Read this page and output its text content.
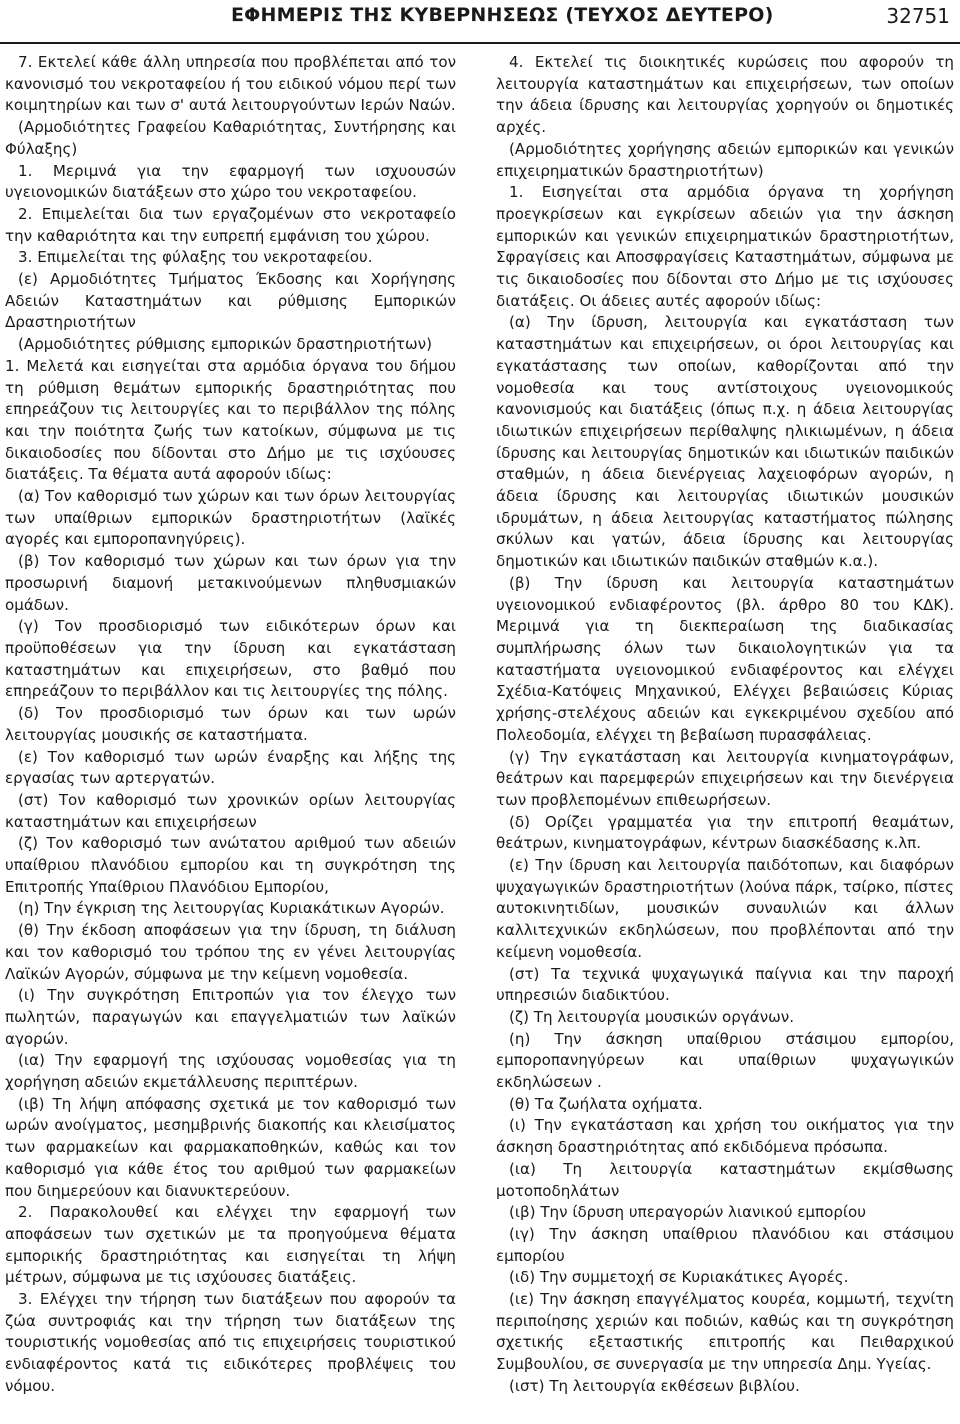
ΕΦΗΜΕΡΙΣ ΤΗΣ ΚΥΒΕΡΝΗΣΕΩΣ (ΤΕΥΧΟΣ ΔΕΥΤΕΡΟ)	32751

7. Εκτελεί κάθε άλλη υπηρεσία που προβλέπεται από τον κανονισμό του νεκροταφείου ή του ειδικού νόμου περί των κοιμητηρίων και των σ' αυτά λειτουργούντων Ιερών Ναών.

(Αρμοδιότητες Γραφείου Καθαριότητας, Συντήρησης και Φύλαξης)

1. Μεριμνά για την εφαρμογή των ισχυουσών υγειονομικών διατάξεων στο χώρο του νεκροταφείου.

2. Επιμελείται δια των εργαζομένων στο νεκροταφείο την καθαριότητα και την ευπρεπή εμφάνιση του χώρου.

3. Επιμελείται της φύλαξης του νεκροταφείου.

(ε) Αρμοδιότητες Τμήματος Έκδοσης και Χορήγησης Αδειών Καταστημάτων και ρύθμισης Εμπορικών Δραστηριοτήτων

(Αρμοδιότητες ρύθμισης εμπορικών δραστηριοτήτων)

1. Μελετά και εισηγείται στα αρμόδια όργανα του δήμου τη ρύθμιση θεμάτων εμπορικής δραστηριότητας που επηρεάζουν τις λειτουργίες και το περιβάλλον της πόλης και την ποιότητα ζωής των κατοίκων, σύμφωνα με τις δικαιοδοσίες που δίδονται στο Δήμο με τις ισχύουσες διατάξεις. Τα θέματα αυτά αφορούν ιδίως:

(α) Τον καθορισμό των χώρων και των όρων λειτουργίας των υπαίθριων εμπορικών δραστηριοτήτων (λαϊκές αγορές και εμποροπανηγύρεις).

(β) Τον καθορισμό των χώρων και των όρων για την προσωρινή διαμονή μετακινούμενων πληθυσμιακών ομάδων.

(γ) Τον προσδιορισμό των ειδικότερων όρων και προϋποθέσεων για την ίδρυση και εγκατάσταση καταστημάτων και επιχειρήσεων, στο βαθμό που επηρεάζουν το περιβάλλον και τις λειτουργίες της πόλης.

(δ) Τον προσδιορισμό των όρων και των ωρών λειτουργίας μουσικής σε καταστήματα.

(ε) Τον καθορισμό των ωρών έναρξης και λήξης της εργασίας των αρτεργατών.

(στ) Τον καθορισμό των χρονικών ορίων λειτουργίας καταστημάτων και επιχειρήσεων

(ζ) Τον καθορισμό των ανώτατου αριθμού των αδειών υπαίθριου πλανόδιου εμπορίου και τη συγκρότηση της Επιτροπής Υπαίθριου Πλανόδιου Εμπορίου,

(η) Την έγκριση της λειτουργίας Κυριακάτικων Αγορών.

(θ) Την έκδοση αποφάσεων για την ίδρυση, τη διάλυση και τον καθορισμό του τρόπου της εν γένει λειτουργίας Λαϊκών Αγορών, σύμφωνα με την κείμενη νομοθεσία.

(ι) Την συγκρότηση Επιτροπών για τον έλεγχο των πωλητών, παραγωγών και επαγγελματιών των λαϊκών αγορών.

(ια) Την εφαρμογή της ισχύουσας νομοθεσίας για τη χορήγηση αδειών εκμετάλλευσης περιπτέρων.

(ιβ) Τη λήψη απόφασης σχετικά με τον καθορισμό των ωρών ανοίγματος, μεσημβρινής διακοπής και κλεισίματος των φαρμακείων και φαρμακαποθηκών, καθώς και τον καθορισμό για κάθε έτος του αριθμού των φαρμακείων που διημερεύουν και διανυκτερεύουν.

2. Παρακολουθεί και ελέγχει την εφαρμογή των αποφάσεων των σχετικών με τα προηγούμενα θέματα εμπορικής δραστηριότητας και εισηγείται τη λήψη μέτρων, σύμφωνα με τις ισχύουσες διατάξεις.

3. Ελέγχει την τήρηση των διατάξεων που αφορούν τα ζώα συντροφιάς και την τήρηση των διατάξεων της τουριστικής νομοθεσίας από τις επιχειρήσεις τουριστικού ενδιαφέροντος κατά τις ειδικότερες προβλέψεις του νόμου.

4. Εκτελεί τις διοικητικές κυρώσεις που αφορούν τη λειτουργία καταστημάτων και επιχειρήσεων, των οποίων την άδεια ίδρυσης και λειτουργίας χορηγούν οι δημοτικές αρχές.

(Αρμοδιότητες χορήγησης αδειών εμπορικών και γενικών επιχειρηματικών δραστηριοτήτων)

1. Εισηγείται στα αρμόδια όργανα τη χορήγηση προεγκρίσεων και εγκρίσεων αδειών για την άσκηση εμπορικών και γενικών επιχειρηματικών δραστηριοτήτων, Σφραγίσεις και Αποσφραγίσεις Καταστημάτων, σύμφωνα με τις δικαιοδοσίες που δίδονται στο Δήμο με τις ισχύουσες διατάξεις. Οι άδειες αυτές αφορούν ιδίως:

(α) Την ίδρυση, λειτουργία και εγκατάσταση των καταστημάτων και επιχειρήσεων, οι όροι λειτουργίας και εγκατάστασης των οποίων, καθορίζονται από την νομοθεσία και τους αντίστοιχους υγειονομικούς κανονισμούς και διατάξεις (όπως π.χ. η άδεια λειτουργίας ιδιωτικών επιχειρήσεων περίθαλψης ηλικιωμένων, η άδεια ίδρυσης και λειτουργίας δημοτικών και ιδιωτικών παιδικών σταθμών, η άδεια διενέργειας λαχειοφόρων αγορών, η άδεια ίδρυσης και λειτουργίας ιδιωτικών μουσικών ιδρυμάτων, η άδεια λειτουργίας καταστήματος πώλησης σκύλων και γατών, άδεια ίδρυσης και λειτουργίας δημοτικών και ιδιωτικών παιδικών σταθμών κ.α.).

(β) Την ίδρυση και λειτουργία καταστημάτων υγειονομικού ενδιαφέροντος (βλ. άρθρο 80 του ΚΔΚ). Μεριμνά για τη διεκπεραίωση της διαδικασίας συμπλήρωσης όλων των δικαιολογητικών για τα καταστήματα υγειονομικού ενδιαφέροντος και ελέγχει Σχέδια-Κατόψεις Μηχανικού, Ελέγχει βεβαιώσεις Κύριας χρήσης-στελέχους αδειών και εγκεκριμένου σχεδίου από Πολεοδομία, ελέγχει τη βεβαίωση πυρασφάλειας.

(γ) Την εγκατάσταση και λειτουργία κινηματογράφων, θεάτρων και παρεμφερών επιχειρήσεων και την διενέργεια των προβλεπομένων επιθεωρήσεων.

(δ) Ορίζει γραμματέα για την επιτροπή θεαμάτων, θεάτρων, κινηματογράφων, κέντρων διασκέδασης κ.λπ.

(ε) Την ίδρυση και λειτουργία παιδότοπων, και διαφόρων ψυχαγωγικών δραστηριοτήτων (λούνα πάρκ, τσίρκο, πίστες αυτοκινητιδίων, μουσικών συναυλιών και άλλων καλλιτεχνικών εκδηλώσεων, που προβλέπονται από την κείμενη νομοθεσία.

(στ) Τα τεχνικά ψυχαγωγικά παίγνια και την παροχή υπηρεσιών διαδικτύου.

(ζ) Τη λειτουργία μουσικών οργάνων.

(η) Την άσκηση υπαίθριου στάσιμου εμπορίου, εμποροπανηγύρεων και υπαίθριων ψυχαγωγικών εκδηλώσεων .

(θ) Τα ζωήλατα οχήματα.

(ι) Την εγκατάσταση και χρήση του οικήματος για την άσκηση δραστηριότητας από εκδιδόμενα πρόσωπα.

(ια) Τη λειτουργία καταστημάτων εκμίσθωσης μοτοποδηλάτων

(ιβ) Την ίδρυση υπεραγορών λιανικού εμπορίου

(ιγ) Την άσκηση υπαίθριου πλανόδιου και στάσιμου εμπορίου

(ιδ) Την συμμετοχή σε Κυριακάτικες Αγορές.

(ιε) Την άσκηση επαγγέλματος κουρέα, κομμωτή, τεχνίτη περιποίησης χεριών και ποδιών, καθώς και τη συγκρότηση σχετικής εξεταστικής επιτροπής και Πειθαρχικού Συμβουλίου, σε συνεργασία με την υπηρεσία Δημ. Υγείας.

(ιστ) Τη λειτουργία εκθέσεων βιβλίου.
